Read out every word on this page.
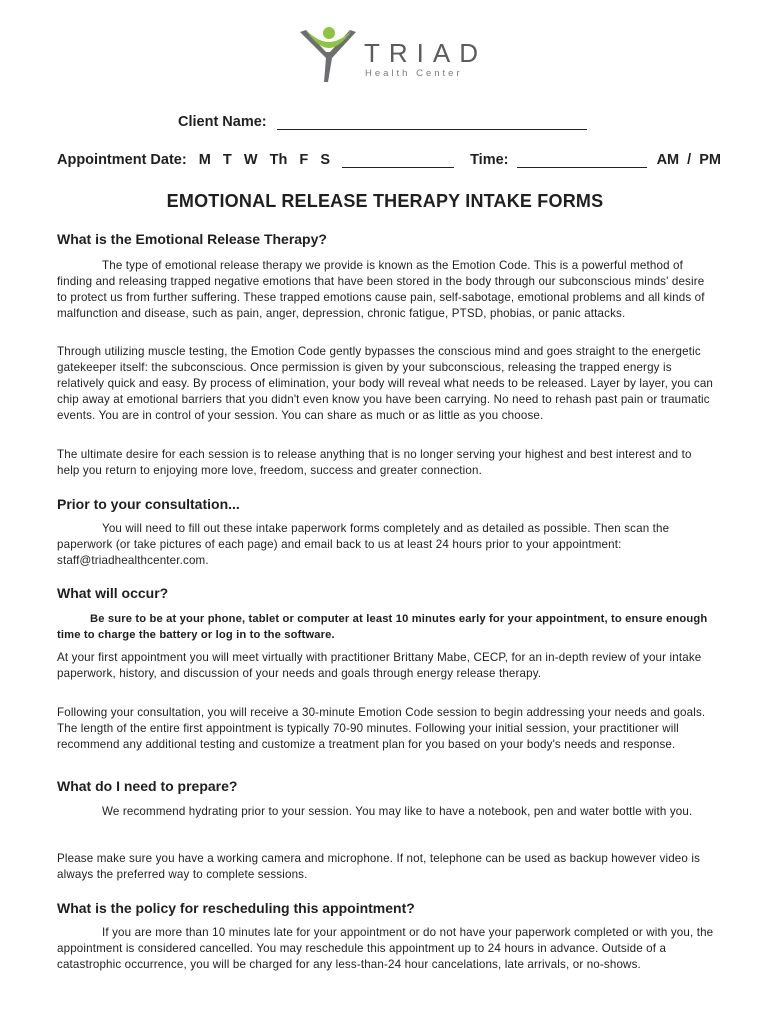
TRIAD
Health Center
Client Name:
Appointment Date: M   T   W   Th   F   S	Time:	AM  /  PM
EMOTIONAL RELEASE THERAPY INTAKE FORMS
What is the Emotional Release Therapy?

The type of emotional release therapy we provide is known as the Emotion Code. This is a powerful method of finding and releasing trapped negative emotions that have been stored in the body through our subconscious minds' desire to protect us from further suffering. These trapped emotions cause pain, self-sabotage, emotional problems and all kinds of malfunction and disease, such as pain, anger, depression, chronic fatigue, PTSD, phobias, or panic attacks.

Through utilizing muscle testing, the Emotion Code gently bypasses the conscious mind and goes straight to the energetic gatekeeper itself: the subconscious. Once permission is given by your subconscious, releasing the trapped energy is relatively quick and easy. By process of elimination, your body will reveal what needs to be released. Layer by layer, you can chip away at emotional barriers that you didn't even know you have been carrying. No need to rehash past pain or traumatic events. You are in control of your session. You can share as much or as little as you choose.

The ultimate desire for each session is to release anything that is no longer serving your highest and best interest and to help you return to enjoying more love, freedom, success and greater connection.

Prior to your consultation...

You will need to fill out these intake paperwork forms completely and as detailed as possible. Then scan the paperwork (or take pictures of each page) and email back to us at least 24 hours prior to your appointment: staff@triadhealthcenter.com.

What will occur?

Be sure to be at your phone, tablet or computer at least 10 minutes early for your appointment, to ensure enough time to charge the battery or log in to the software.

At your first appointment you will meet virtually with practitioner Brittany Mabe, CECP, for an in-depth review of your intake paperwork, history, and discussion of your needs and goals through energy release therapy.

Following your consultation, you will receive a 30-minute Emotion Code session to begin addressing your needs and goals. The length of the entire first appointment is typically 70-90 minutes. Following your initial session, your practitioner will recommend any additional testing and customize a treatment plan for you based on your body's needs and response.

What do I need to prepare?

We recommend hydrating prior to your session. You may like to have a notebook, pen and water bottle with you.

Please make sure you have a working camera and microphone. If not, telephone can be used as backup however video is always the preferred way to complete sessions.

What is the policy for rescheduling this appointment?

If you are more than 10 minutes late for your appointment or do not have your paperwork completed or with you, the appointment is considered cancelled. You may reschedule this appointment up to 24 hours in advance. Outside of a catastrophic occurrence, you will be charged for any less-than-24 hour cancelations, late arrivals, or no-shows.
